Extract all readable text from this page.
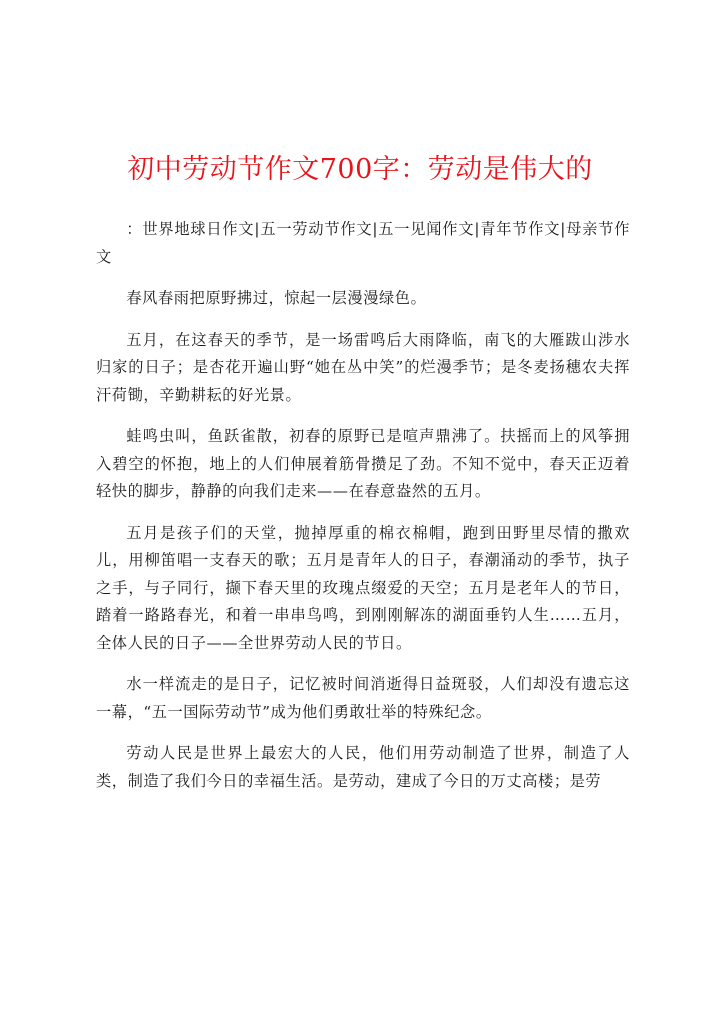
初中劳动节作文700字：劳动是伟大的

：世界地球日作文|五一劳动节作文|五一见闻作文|青年节作文|母亲节作文

春风春雨把原野拂过，惊起一层漫漫绿色。

五月，在这春天的季节，是一场雷鸣后大雨降临，南飞的大雁跋山涉水归家的日子；是杏花开遍山野“她在丛中笑”的烂漫季节；是冬麦扬穗农夫挥汗荷锄，辛勤耕耘的好光景。

蛙鸣虫叫，鱼跃雀散，初春的原野已是喧声鼎沸了。扶摇而上的风筝拥入碧空的怀抱，地上的人们伸展着筋骨攒足了劲。不知不觉中，春天正迈着轻快的脚步，静静的向我们走来——在春意盎然的五月。

五月是孩子们的天堂，抛掉厚重的棉衣棉帽，跑到田野里尽情的撒欢儿，用柳笛唱一支春天的歌；五月是青年人的日子，春潮涌动的季节，执子之手，与子同行，撷下春天里的玫瑰点缀爱的天空；五月是老年人的节日，踏着一路路春光，和着一串串鸟鸣，到刚刚解冻的湖面垂钓人生……五月，全体人民的日子——全世界劳动人民的节日。

水一样流走的是日子，记忆被时间消逝得日益斑驳，人们却没有遗忘这一幕，“五一国际劳动节”成为他们勇敢壮举的特殊纪念。

劳动人民是世界上最宏大的人民，他们用劳动制造了世界，制造了人类，制造了我们今日的幸福生活。是劳动，建成了今日的万丈高楼；是劳
